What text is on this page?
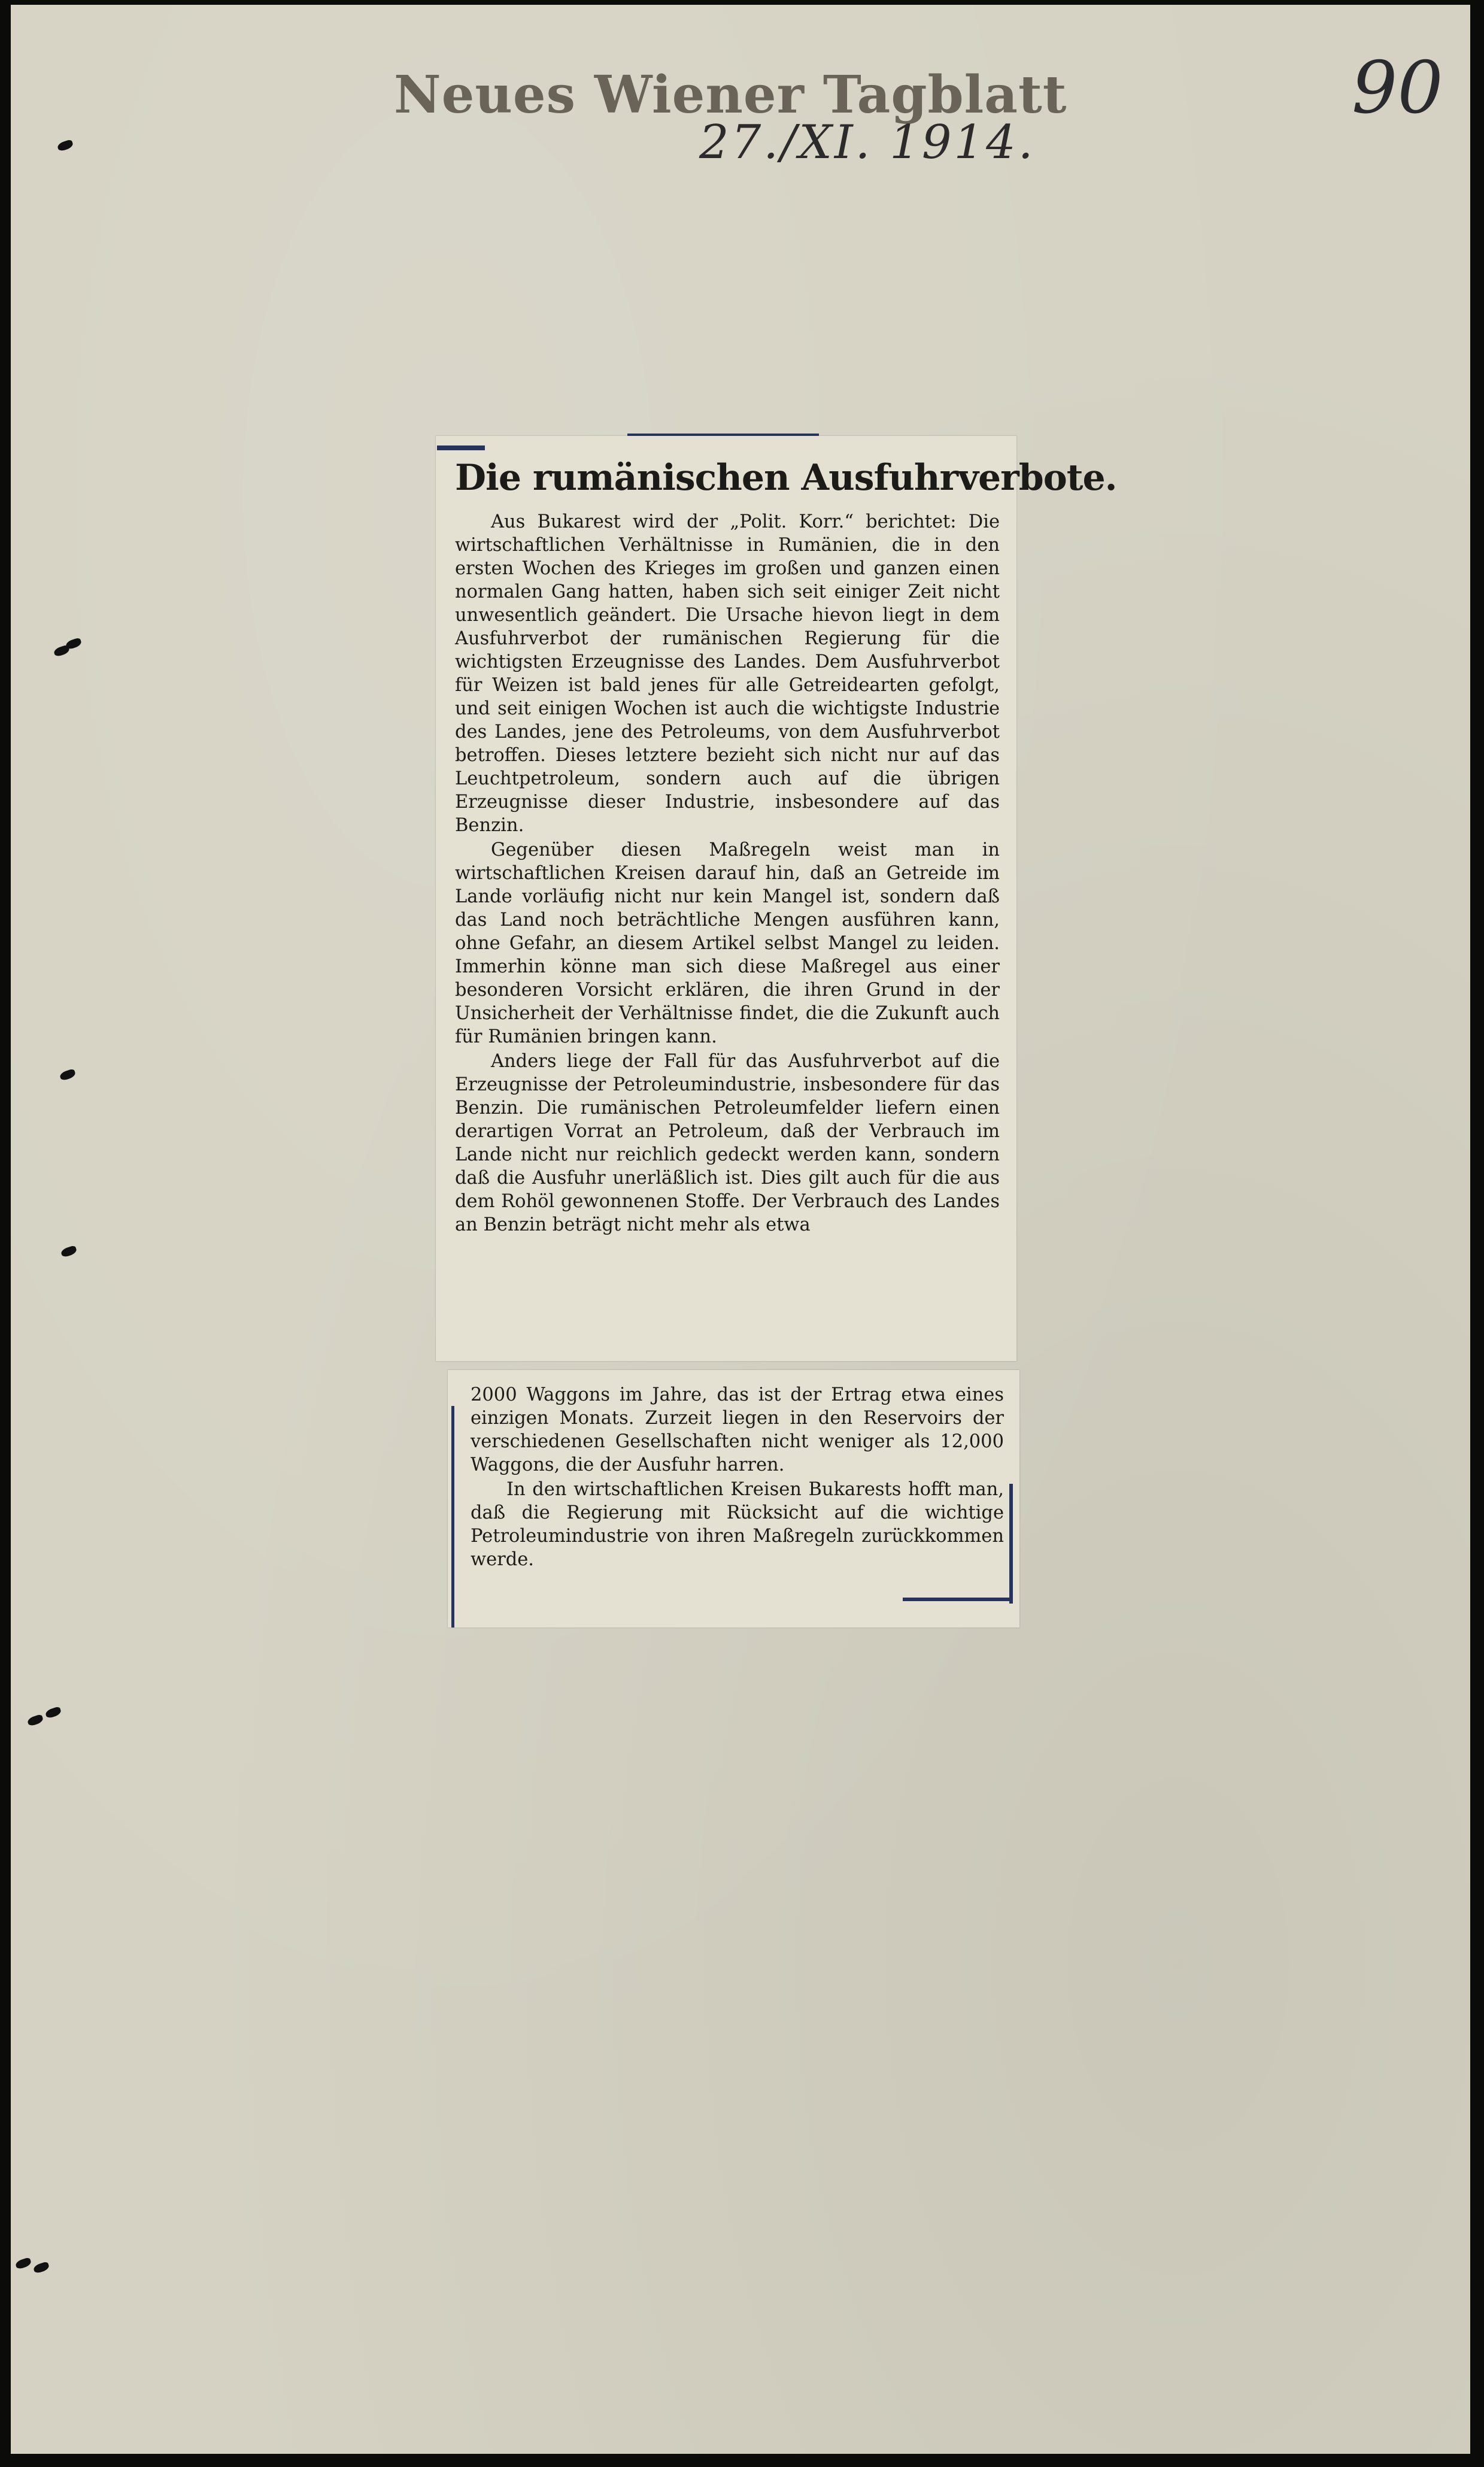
Neues Wiener Tagblatt
27./XI. 1914.
90
Die rumänischen Ausfuhrverbote.

Aus Bukarest wird der „Polit. Korr.“ berichtet: Die wirtschaftlichen Verhältnisse in Rumänien, die in den ersten Wochen des Krieges im großen und ganzen einen normalen Gang hatten, haben sich seit einiger Zeit nicht unwesentlich geändert. Die Ursache hievon liegt in dem Ausfuhrverbot der rumänischen Regierung für die wichtigsten Erzeugnisse des Landes. Dem Ausfuhrverbot für Weizen ist bald jenes für alle Getreidearten gefolgt, und seit einigen Wochen ist auch die wichtigste Industrie des Landes, jene des Petroleums, von dem Ausfuhrverbot betroffen. Dieses letztere bezieht sich nicht nur auf das Leuchtpetroleum, sondern auch auf die übrigen Erzeugnisse dieser Industrie, insbesondere auf das Benzin.

Gegenüber diesen Maßregeln weist man in wirtschaftlichen Kreisen darauf hin, daß an Getreide im Lande vorläufig nicht nur kein Mangel ist, sondern daß das Land noch beträchtliche Mengen ausführen kann, ohne Gefahr, an diesem Artikel selbst Mangel zu leiden. Immerhin könne man sich diese Maßregel aus einer besonderen Vorsicht erklären, die ihren Grund in der Unsicherheit der Verhältnisse findet, die die Zukunft auch für Rumänien bringen kann.

Anders liege der Fall für das Ausfuhrverbot auf die Erzeugnisse der Petroleumindustrie, insbesondere für das Benzin. Die rumänischen Petroleumfelder liefern einen derartigen Vorrat an Petroleum, daß der Verbrauch im Lande nicht nur reichlich gedeckt werden kann, sondern daß die Ausfuhr unerläßlich ist. Dies gilt auch für die aus dem Rohöl gewonnenen Stoffe. Der Verbrauch des Landes an Benzin beträgt nicht mehr als etwa

2000 Waggons im Jahre, das ist der Ertrag etwa eines einzigen Monats. Zurzeit liegen in den Reservoirs der verschiedenen Gesellschaften nicht weniger als 12,000 Waggons, die der Ausfuhr harren.

In den wirtschaftlichen Kreisen Bukarests hofft man, daß die Regierung mit Rücksicht auf die wichtige Petroleumindustrie von ihren Maßregeln zurückkommen werde.
